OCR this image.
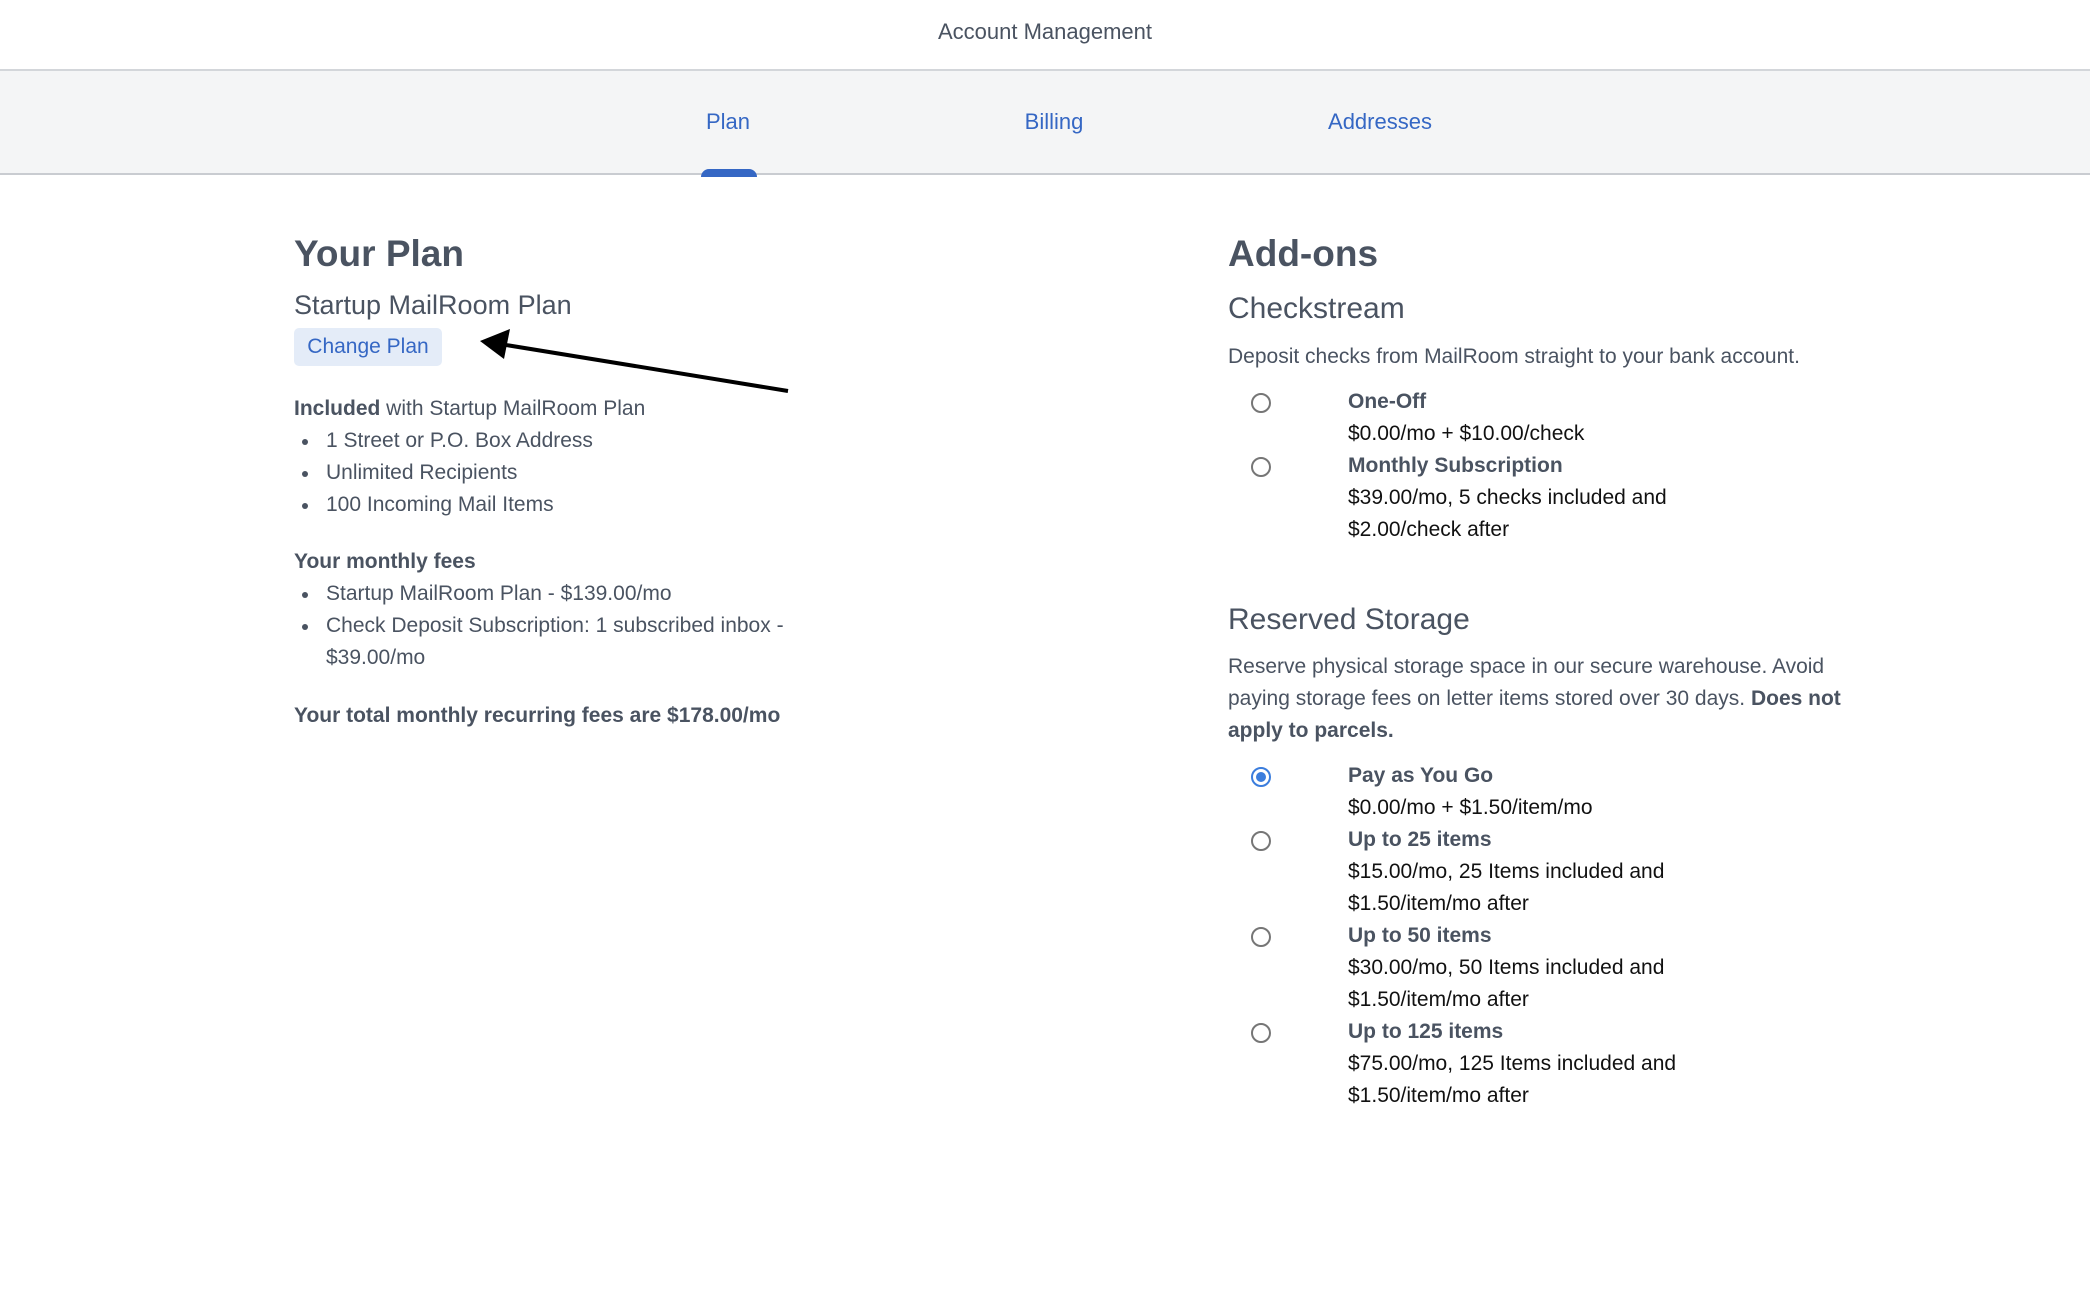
Account Management
Plan	Billing	Addresses
Your Plan
Startup MailRoom Plan
Change Plan
Included with Startup MailRoom Plan
1 Street or P.O. Box Address
Unlimited Recipients
100 Incoming Mail Items
Your monthly fees
Startup MailRoom Plan - $139.00/mo
Check Deposit Subscription: 1 subscribed inbox - $39.00/mo
Your total monthly recurring fees are $178.00/mo
Add-ons
Checkstream
Deposit checks from MailRoom straight to your bank account.
One-Off
$0.00/mo + $10.00/check
Monthly Subscription
$39.00/mo, 5 checks included and $2.00/check after
Reserved Storage
Reserve physical storage space in our secure warehouse. Avoid paying storage fees on letter items stored over 30 days. Does not apply to parcels.
Pay as You Go
$0.00/mo + $1.50/item/mo
Up to 25 items
$15.00/mo, 25 Items included and $1.50/item/mo after
Up to 50 items
$30.00/mo, 50 Items included and $1.50/item/mo after
Up to 125 items
$75.00/mo, 125 Items included and $1.50/item/mo after
